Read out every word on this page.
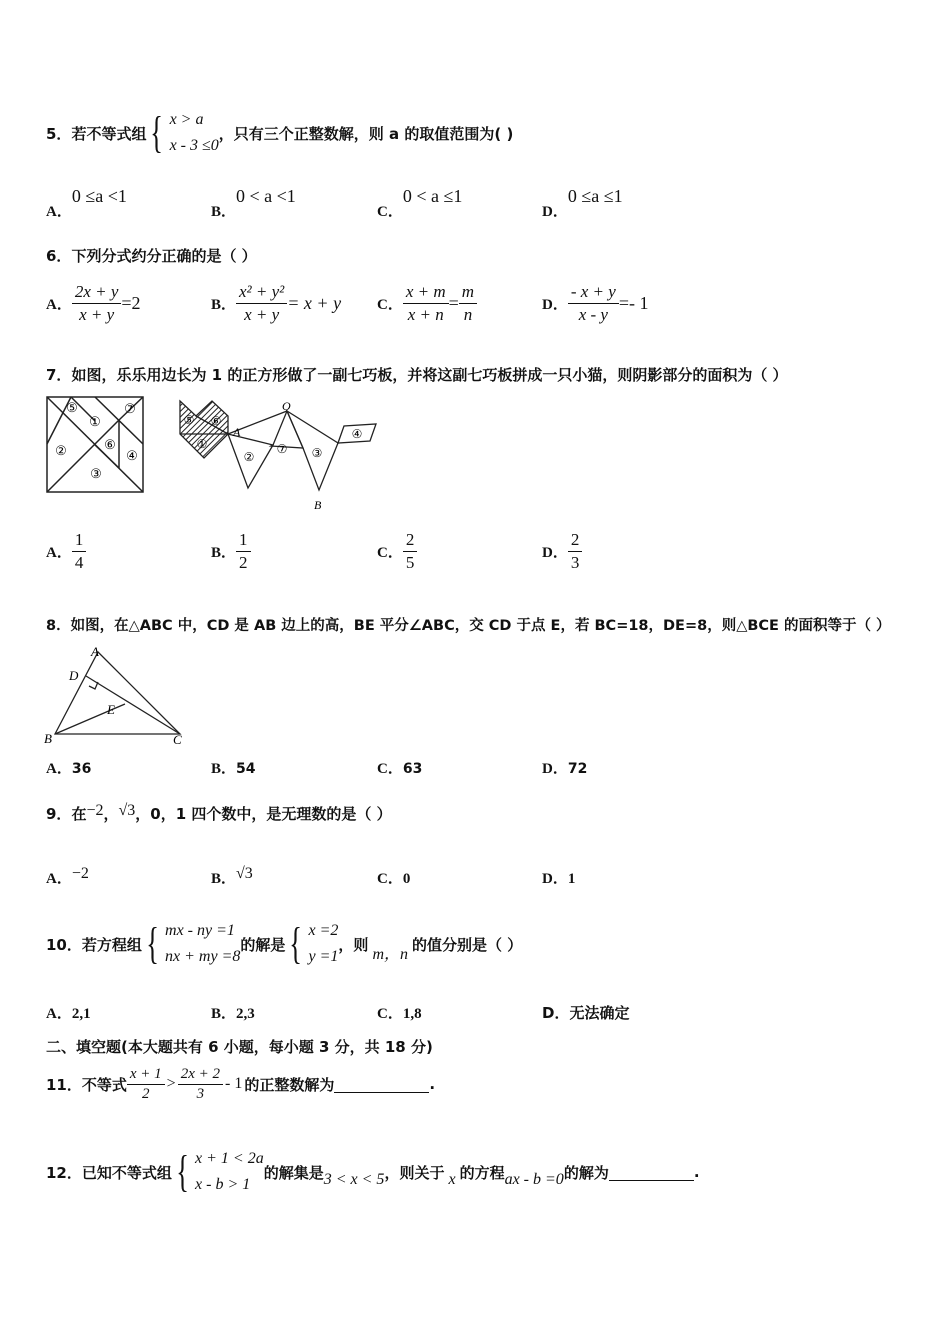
5． 若不等式组 { x > a
x - 3 ≤0
，只有三个正整数解，则 a 的取值范围为( )
A．0 ≤a <1
B．0 < a <1
C．0 < a ≤1
D．0 ≤a ≤1
6．下列分式约分正确的是（ ）
A． $\frac{2x + y}{x + y} =2$	B． $\frac{\text{x² + y²}}{x + y} = x + y$ C． $\frac{x + m}{x + n} = \frac{m}{n}$	D． $\frac{- x + y}{x - y} =- 1$
7．如图，乐乐用边长为 1 的正方形做了一副七巧板，并将这副七巧板拼成一只小猫，则阴影部分的面积为（ ）
⑤
①
⑦
②	⑥
④
③
⑤ ⑥
①
A
O
②
⑦ ③
④
B
A． $\frac{1}{4}$	B． $\frac{1}{2}$	C． $\frac{2}{5}$	D． $\frac{2}{3}$
8．如图，在△ABC 中，CD 是 AB 边上的高，BE 平分∠ABC，交 CD 于点 E，若 BC=18，DE=8，则△BCE 的面积等于（ ）
A
D
E
B	C
A．36	B．54	C．63	D．72
9．在−2，√3，0，1 四个数中，是无理数的是（ ）
A．−2	B．√3	C．0	D．1
10． 若方程组 { mx - ny =1
nx + my =8
的解是 { x =2
y =1
，则
m，n
的值分别是（ ）
A．2,1	B．2,3	C．1,8	D．无法确定
二、填空题(本大题共有 6 小题，每小题 3 分，共 18 分)
11． 不等式 $\frac{x + 1}{2} > \frac{2x + 2}{3} - 1$ 的正整数解为	.
12． 已知不等式组 { x + 1 < 2a
x - b > 1
的解集是 3 < x < 5 ，则关于 x 的方程 ax - b =0 的解为	.
